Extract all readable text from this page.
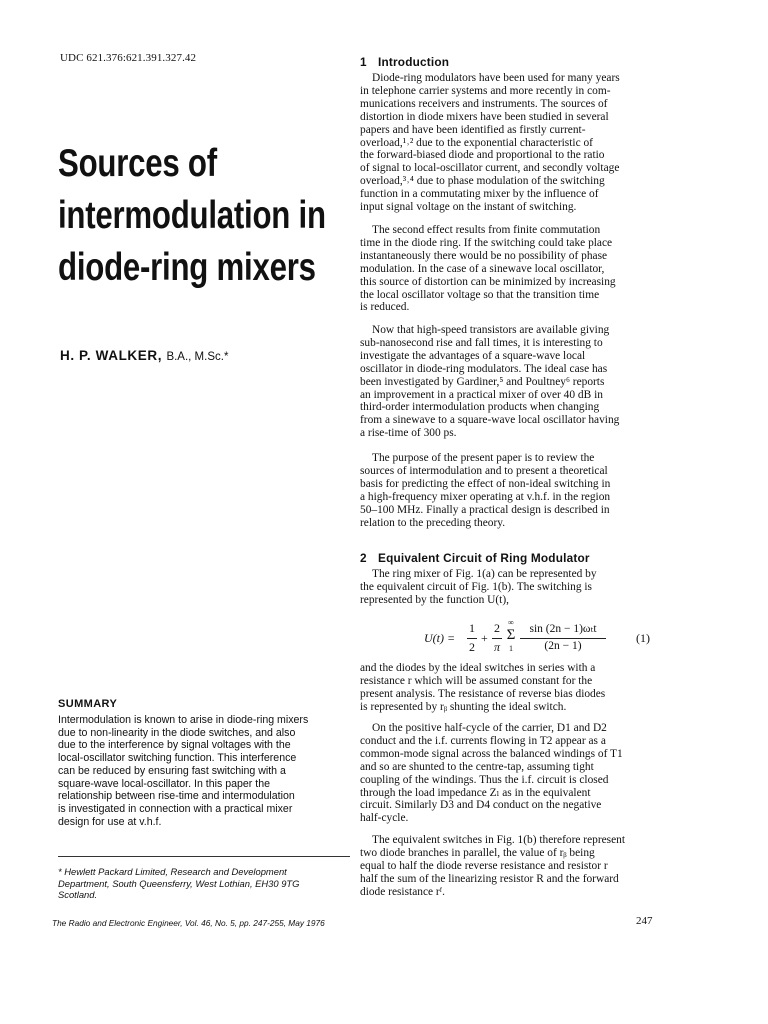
UDC 621.376:621.391.327.42
Sources of
intermodulation in
diode-ring mixers
H. P. WALKER, B.A., M.Sc.*
SUMMARY
Intermodulation is known to arise in diode-ring mixers
due to non-linearity in the diode switches, and also
due to the interference by signal voltages with the
local-oscillator switching function. This interference
can be reduced by ensuring fast switching with a
square-wave local-oscillator. In this paper the
relationship between rise-time and intermodulation
is investigated in connection with a practical mixer
design for use at v.h.f.
* Hewlett Packard Limited, Research and Development
Department, South Queensferry, West Lothian, EH30 9TG
Scotland.
The Radio and Electronic Engineer, Vol. 46, No. 5, pp. 247-255, May 1976	247
1 Introduction
Diode-ring modulators have been used for many years
in telephone carrier systems and more recently in com-
munications receivers and instruments. The sources of
distortion in diode mixers have been studied in several
papers and have been identified as firstly current-
overload,¹˒² due to the exponential characteristic of
the forward-biased diode and proportional to the ratio
of signal to local-oscillator current, and secondly voltage
overload,³˒⁴ due to phase modulation of the switching
function in a commutating mixer by the influence of
input signal voltage on the instant of switching.
The second effect results from finite commutation
time in the diode ring. If the switching could take place
instantaneously there would be no possibility of phase
modulation. In the case of a sinewave local oscillator,
this source of distortion can be minimized by increasing
the local oscillator voltage so that the transition time
is reduced.
Now that high-speed transistors are available giving
sub-nanosecond rise and fall times, it is interesting to
investigate the advantages of a square-wave local
oscillator in diode-ring modulators. The ideal case has
been investigated by Gardiner,⁵ and Poultney⁶ reports
an improvement in a practical mixer of over 40 dB in
third-order intermodulation products when changing
from a sinewave to a square-wave local oscillator having
a rise-time of 300 ps.
The purpose of the present paper is to review the
sources of intermodulation and to present a theoretical
basis for predicting the effect of non-ideal switching in
a high-frequency mixer operating at v.h.f. in the region
50–100 MHz. Finally a practical design is described in
relation to the preceding theory.
2 Equivalent Circuit of Ring Modulator
The ring mixer of Fig. 1(a) can be represented by
the equivalent circuit of Fig. 1(b). The switching is
represented by the function U(t),
U(t) =
1
2
+
2
π
∞
Σ
1
sin (2n − 1)ωₜt
(2n − 1)
(1)
and the diodes by the ideal switches in series with a
resistance r which will be assumed constant for the
present analysis. The resistance of reverse bias diodes
is represented by rᵦ shunting the ideal switch.
On the positive half-cycle of the carrier, D1 and D2
conduct and the i.f. currents flowing in T2 appear as a
common-mode signal across the balanced windings of T1
and so are shunted to the centre-tap, assuming tight
coupling of the windings. Thus the i.f. circuit is closed
through the load impedance Zₗ as in the equivalent
circuit. Similarly D3 and D4 conduct on the negative
half-cycle.
The equivalent switches in Fig. 1(b) therefore represent
two diode branches in parallel, the value of rᵦ being
equal to half the diode reverse resistance and resistor r
half the sum of the linearizing resistor R and the forward
diode resistance rᶠ.
